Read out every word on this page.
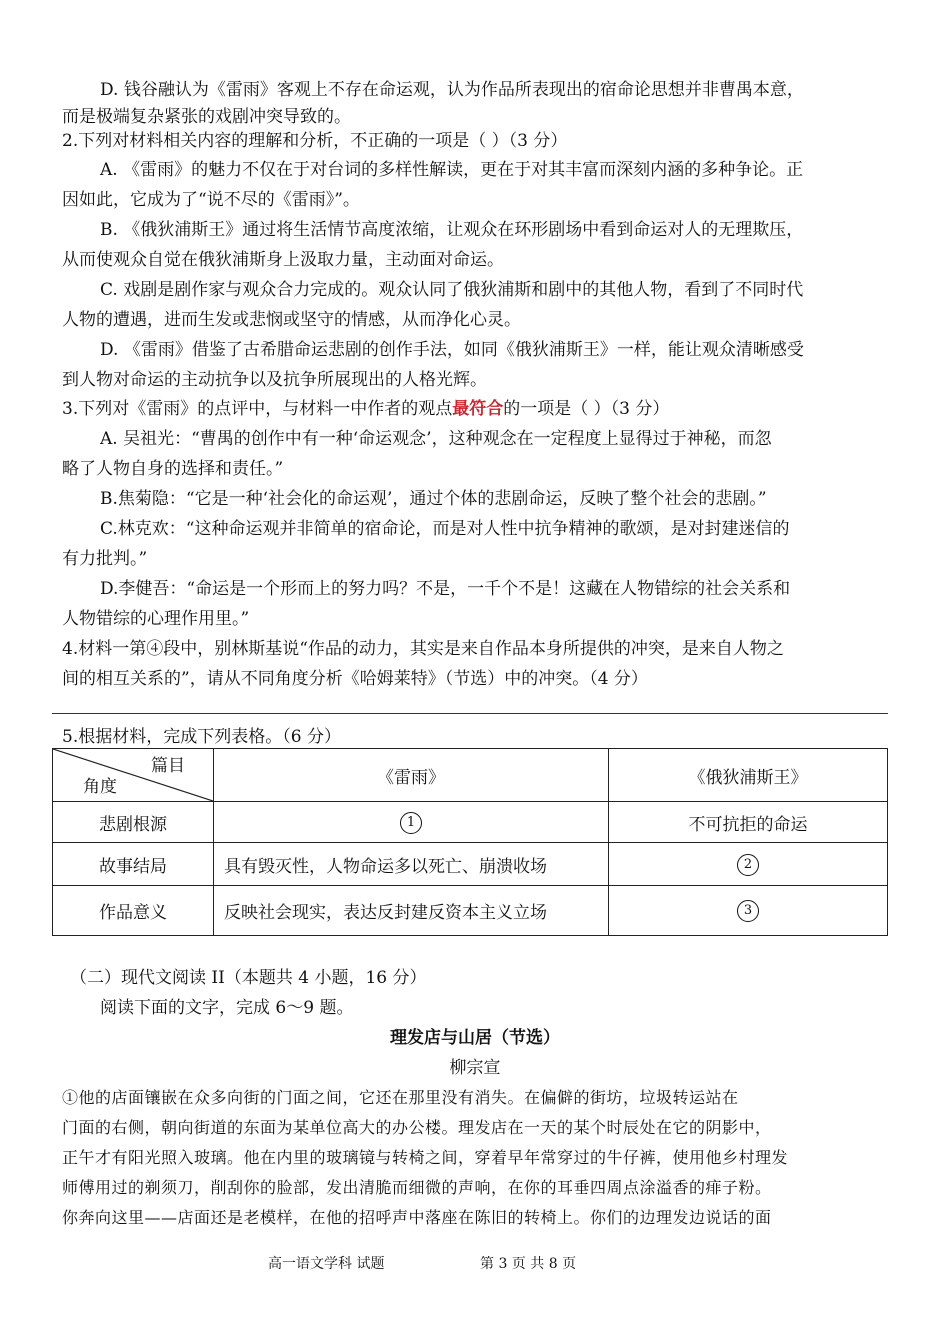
D. 钱谷融认为《雷雨》客观上不存在命运观，认为作品所表现出的宿命论思想并非曹禺本意，
而是极端复杂紧张的戏剧冲突导致的。
2.下列对材料相关内容的理解和分析，不正确的一项是（ ）（3 分）
A. 《雷雨》的魅力不仅在于对台词的多样性解读，更在于对其丰富而深刻内涵的多种争论。正
因如此，它成为了“说不尽的《雷雨》”。
B. 《俄狄浦斯王》通过将生活情节高度浓缩，让观众在环形剧场中看到命运对人的无理欺压，
从而使观众自觉在俄狄浦斯身上汲取力量，主动面对命运。
C. 戏剧是剧作家与观众合力完成的。观众认同了俄狄浦斯和剧中的其他人物，看到了不同时代
人物的遭遇，进而生发或悲悯或坚守的情感，从而净化心灵。
D. 《雷雨》借鉴了古希腊命运悲剧的创作手法，如同《俄狄浦斯王》一样，能让观众清晰感受
到人物对命运的主动抗争以及抗争所展现出的人格光辉。
3.下列对《雷雨》的点评中，与材料一中作者的观点最符合的一项是（ ）（3 分）
A. 吴祖光：“曹禺的创作中有一种‘命运观念’，这种观念在一定程度上显得过于神秘，而忽
略了人物自身的选择和责任。”
B.焦菊隐：“它是一种‘社会化的命运观’，通过个体的悲剧命运，反映了整个社会的悲剧。”
C.林克欢：“这种命运观并非简单的宿命论，而是对人性中抗争精神的歌颂，是对封建迷信的
有力批判。”
D.李健吾：“命运是一个形而上的努力吗？不是，一千个不是！这藏在人物错综的社会关系和
人物错综的心理作用里。”
4.材料一第④段中，别林斯基说“作品的动力，其实是来自作品本身所提供的冲突，是来自人物之
间的相互关系的”，请从不同角度分析《哈姆莱特》（节选）中的冲突。（4 分）
5.根据材料，完成下列表格。（6 分）
篇目
角度	《雷雨》	《俄狄浦斯王》
悲剧根源	1	不可抗拒的命运
故事结局	具有毁灭性，人物命运多以死亡、崩溃收场	2
作品意义	反映社会现实，表达反封建反资本主义立场	3
（二）现代文阅读 II（本题共 4 小题，16 分）
阅读下面的文字，完成 6～9 题。
理发店与山居（节选）
柳宗宣
①他的店面镶嵌在众多向街的门面之间，它还在那里没有消失。在偏僻的街坊，垃圾转运站在
门面的右侧，朝向街道的东面为某单位高大的办公楼。理发店在一天的某个时辰处在它的阴影中，
正午才有阳光照入玻璃。他在内里的玻璃镜与转椅之间，穿着早年常穿过的牛仔裤，使用他乡村理发
师傅用过的剃须刀，削刮你的脸部，发出清脆而细微的声响，在你的耳垂四周点涂溢香的痱子粉。
你奔向这里——店面还是老模样，在他的招呼声中落座在陈旧的转椅上。你们的边理发边说话的面
高一语文学科 试题	第 3 页 共 8 页
